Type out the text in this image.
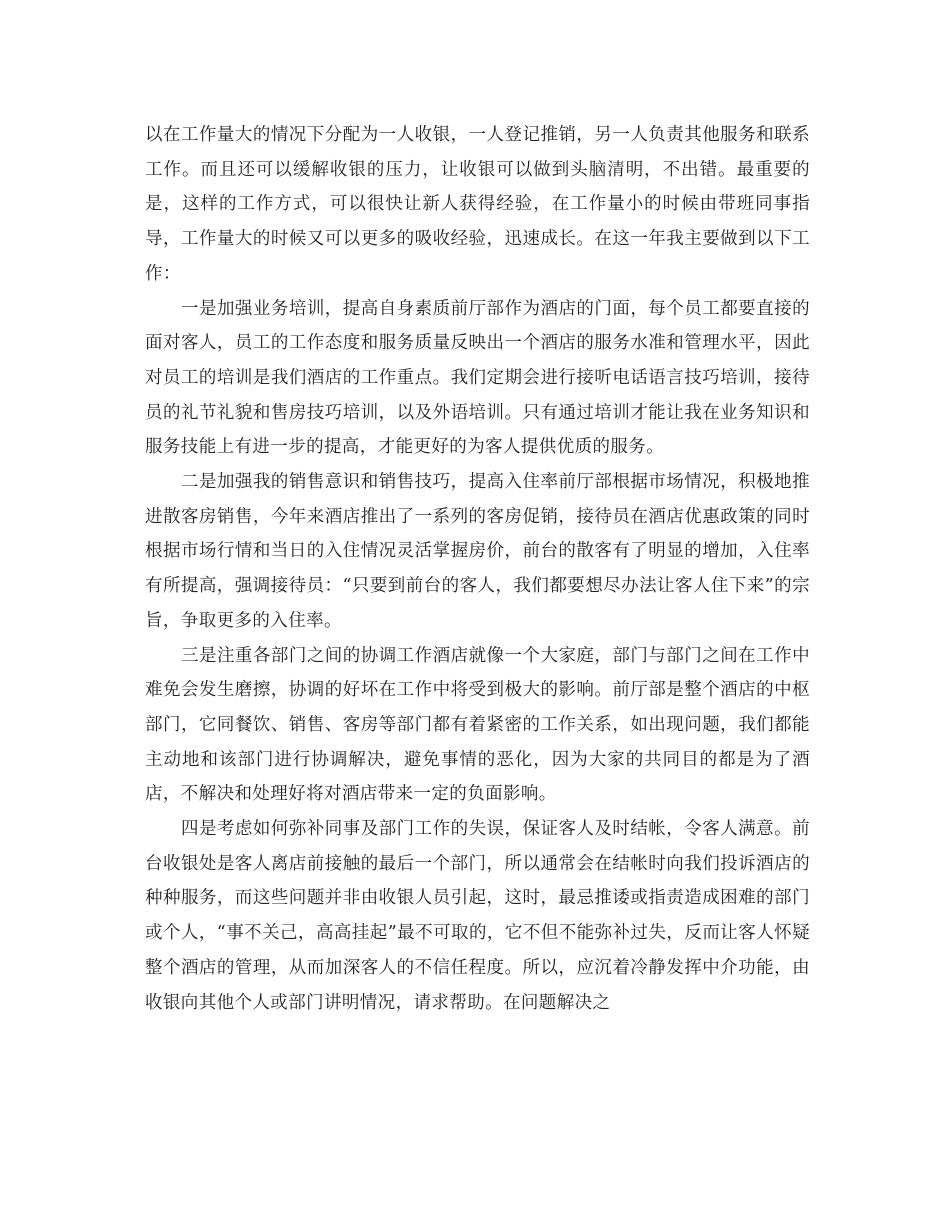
以在工作量大的情况下分配为一人收银，一人登记推销，另一人负责其他服务和联系工作。而且还可以缓解收银的压力，让收银可以做到头脑清明，不出错。最重要的是，这样的工作方式，可以很快让新人获得经验，在工作量小的时候由带班同事指导，工作量大的时候又可以更多的吸收经验，迅速成长。在这一年我主要做到以下工作：

一是加强业务培训，提高自身素质前厅部作为酒店的门面，每个员工都要直接的面对客人，员工的工作态度和服务质量反映出一个酒店的服务水准和管理水平，因此对员工的培训是我们酒店的工作重点。我们定期会进行接听电话语言技巧培训，接待员的礼节礼貌和售房技巧培训，以及外语培训。只有通过培训才能让我在业务知识和服务技能上有进一步的提高，才能更好的为客人提供优质的服务。

二是加强我的销售意识和销售技巧，提高入住率前厅部根据市场情况，积极地推进散客房销售，今年来酒店推出了一系列的客房促销，接待员在酒店优惠政策的同时根据市场行情和当日的入住情况灵活掌握房价，前台的散客有了明显的增加，入住率有所提高，强调接待员：“只要到前台的客人，我们都要想尽办法让客人住下来”的宗旨，争取更多的入住率。

三是注重各部门之间的协调工作酒店就像一个大家庭，部门与部门之间在工作中难免会发生磨擦，协调的好坏在工作中将受到极大的影响。前厅部是整个酒店的中枢部门，它同餐饮、销售、客房等部门都有着紧密的工作关系，如出现问题，我们都能主动地和该部门进行协调解决，避免事情的恶化，因为大家的共同目的都是为了酒店，不解决和处理好将对酒店带来一定的负面影响。

四是考虑如何弥补同事及部门工作的失误，保证客人及时结帐，令客人满意。前台收银处是客人离店前接触的最后一个部门，所以通常会在结帐时向我们投诉酒店的种种服务，而这些问题并非由收银人员引起，这时，最忌推诿或指责造成困难的部门或个人，“事不关己，高高挂起”最不可取的，它不但不能弥补过失，反而让客人怀疑整个酒店的管理，从而加深客人的不信任程度。所以，应沉着冷静发挥中介功能，由收银向其他个人或部门讲明情况，请求帮助。在问题解决之
